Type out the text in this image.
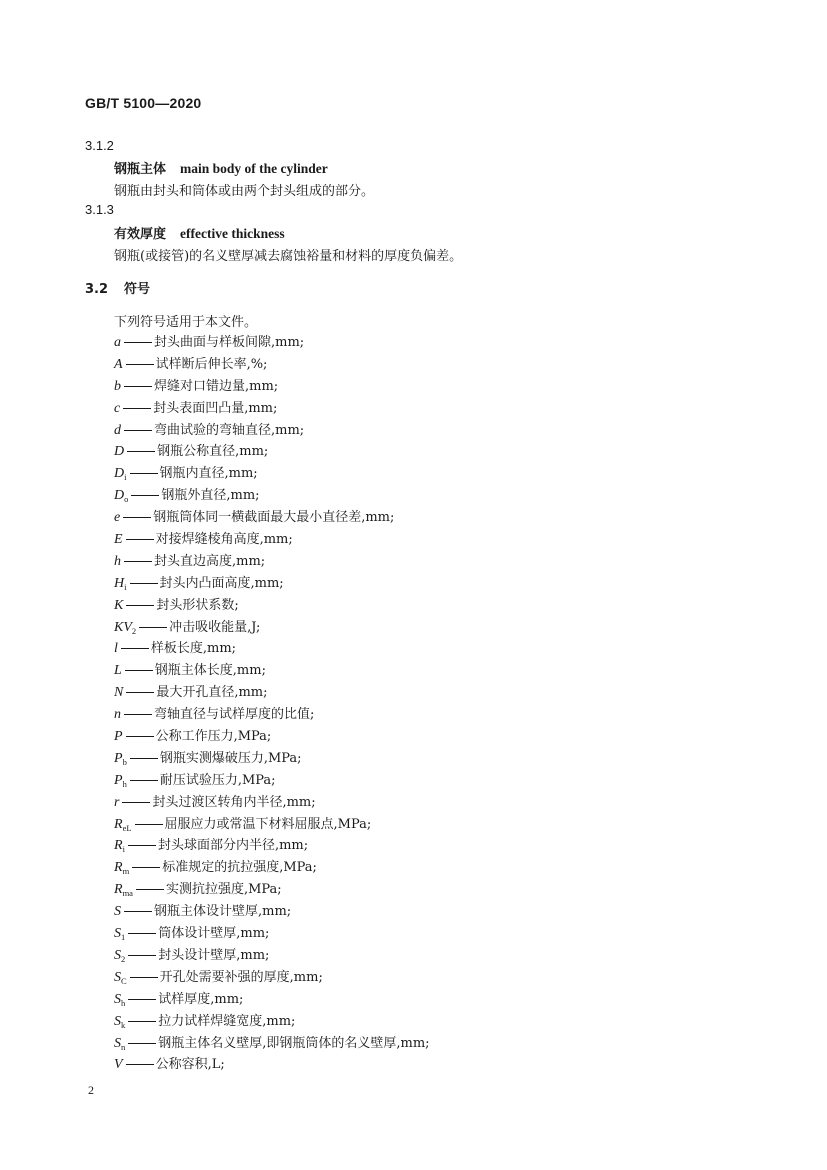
GB/T 5100—2020
3.1.2
钢瓶主体 main body of the cylinder
钢瓶由封头和筒体或由两个封头组成的部分。
3.1.3
有效厚度 effective thickness
钢瓶(或接管)的名义壁厚减去腐蚀裕量和材料的厚度负偏差。
3.2 符号
下列符号适用于本文件。
a	封头曲面与样板间隙,mm;
A	试样断后伸长率,%;
b	焊缝对口错边量,mm;
c	封头表面凹凸量,mm;
d	弯曲试验的弯轴直径,mm;
D	钢瓶公称直径,mm;
$D_i$	钢瓶内直径,mm;
$D_o$	钢瓶外直径,mm;
e	钢瓶筒体同一横截面最大最小直径差,mm;
E	对接焊缝棱角高度,mm;
h	封头直边高度,mm;
$H_i$	封头内凸面高度,mm;
K	封头形状系数;
$KV_2$	冲击吸收能量,J;
l	样板长度,mm;
L	钢瓶主体长度,mm;
N	最大开孔直径,mm;
n	弯轴直径与试样厚度的比值;
P	公称工作压力,MPa;
$P_b$	钢瓶实测爆破压力,MPa;
$P_h$	耐压试验压力,MPa;
r	封头过渡区转角内半径,mm;
$R_{eL}$	屈服应力或常温下材料屈服点,MPa;
$R_i$	封头球面部分内半径,mm;
$R_m$	标准规定的抗拉强度,MPa;
$R_{ma}$	实测抗拉强度,MPa;
S	钢瓶主体设计壁厚,mm;
$S_1$	筒体设计壁厚,mm;
$S_2$	封头设计壁厚,mm;
$S_C$	开孔处需要补强的厚度,mm;
$S_h$	试样厚度,mm;
$S_k$	拉力试样焊缝宽度,mm;
$S_n$	钢瓶主体名义壁厚,即钢瓶筒体的名义壁厚,mm;
V	公称容积,L;
2
